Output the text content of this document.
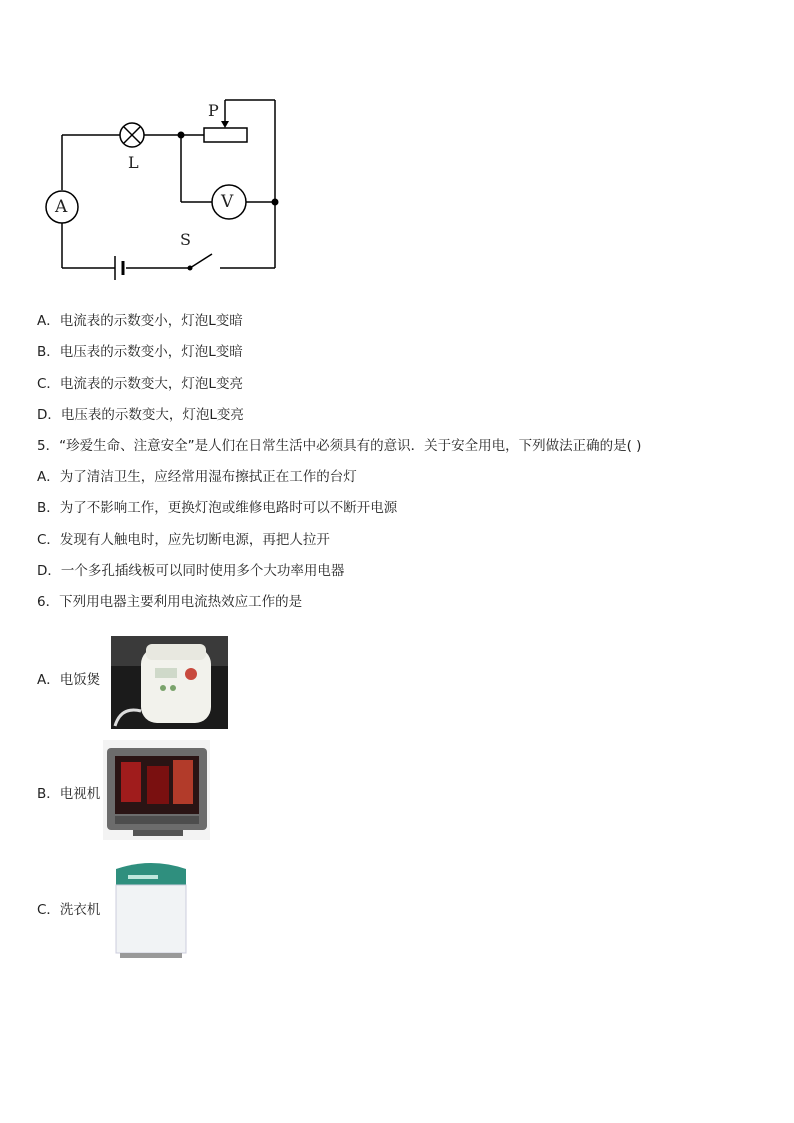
P
L
A	V
S
A．电流表的示数变小，灯泡L变暗
B．电压表的示数变小，灯泡L变暗
C．电流表的示数变大，灯泡L变亮
D．电压表的示数变大，灯泡L变亮
5．“珍爱生命、注意安全”是人们在日常生活中必须具有的意识．关于安全用电，下列做法正确的是( )
A．为了清洁卫生，应经常用湿布擦拭正在工作的台灯
B．为了不影响工作，更换灯泡或维修电路时可以不断开电源
C．发现有人触电时，应先切断电源，再把人拉开
D．一个多孔插线板可以同时使用多个大功率用电器
6．下列用电器主要利用电流热效应工作的是
A．电饭煲
B．电视机
C．洗衣机
